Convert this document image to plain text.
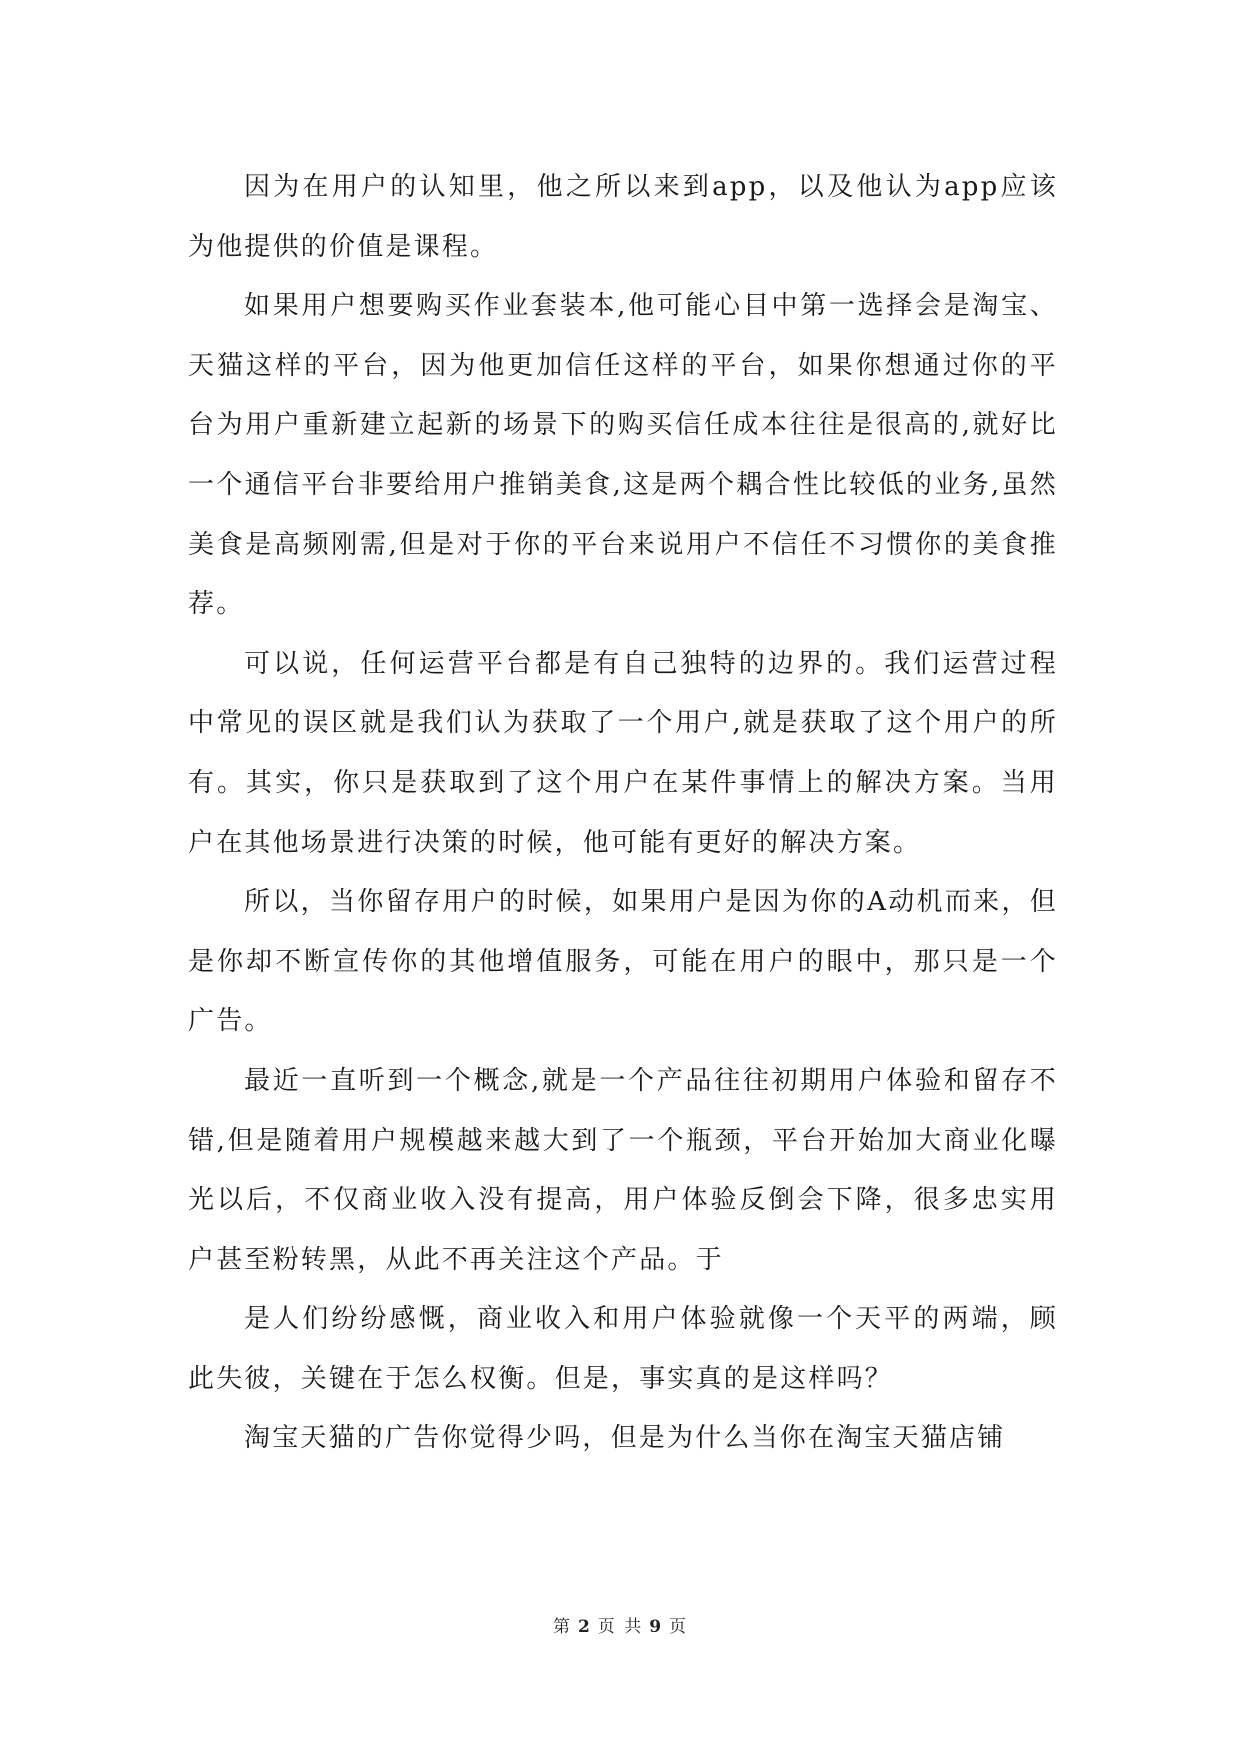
因为在用户的认知里，他之所以来到app，以及他认为app应该为他提供的价值是课程。

如果用户想要购买作业套装本,他可能心目中第一选择会是淘宝、天猫这样的平台，因为他更加信任这样的平台，如果你想通过你的平台为用户重新建立起新的场景下的购买信任成本往往是很高的,就好比一个通信平台非要给用户推销美食,这是两个耦合性比较低的业务,虽然美食是高频刚需,但是对于你的平台来说用户不信任不习惯你的美食推荐。

可以说，任何运营平台都是有自己独特的边界的。我们运营过程中常见的误区就是我们认为获取了一个用户,就是获取了这个用户的所有。其实，你只是获取到了这个用户在某件事情上的解决方案。当用户在其他场景进行决策的时候，他可能有更好的解决方案。

所以，当你留存用户的时候，如果用户是因为你的A动机而来，但是你却不断宣传你的其他增值服务，可能在用户的眼中，那只是一个广告。

最近一直听到一个概念,就是一个产品往往初期用户体验和留存不错,但是随着用户规模越来越大到了一个瓶颈，平台开始加大商业化曝光以后，不仅商业收入没有提高，用户体验反倒会下降，很多忠实用户甚至粉转黑，从此不再关注这个产品。于

是人们纷纷感慨，商业收入和用户体验就像一个天平的两端，顾此失彼，关键在于怎么权衡。但是，事实真的是这样吗？

淘宝天猫的广告你觉得少吗，但是为什么当你在淘宝天猫店铺

第 2 页 共 9 页
